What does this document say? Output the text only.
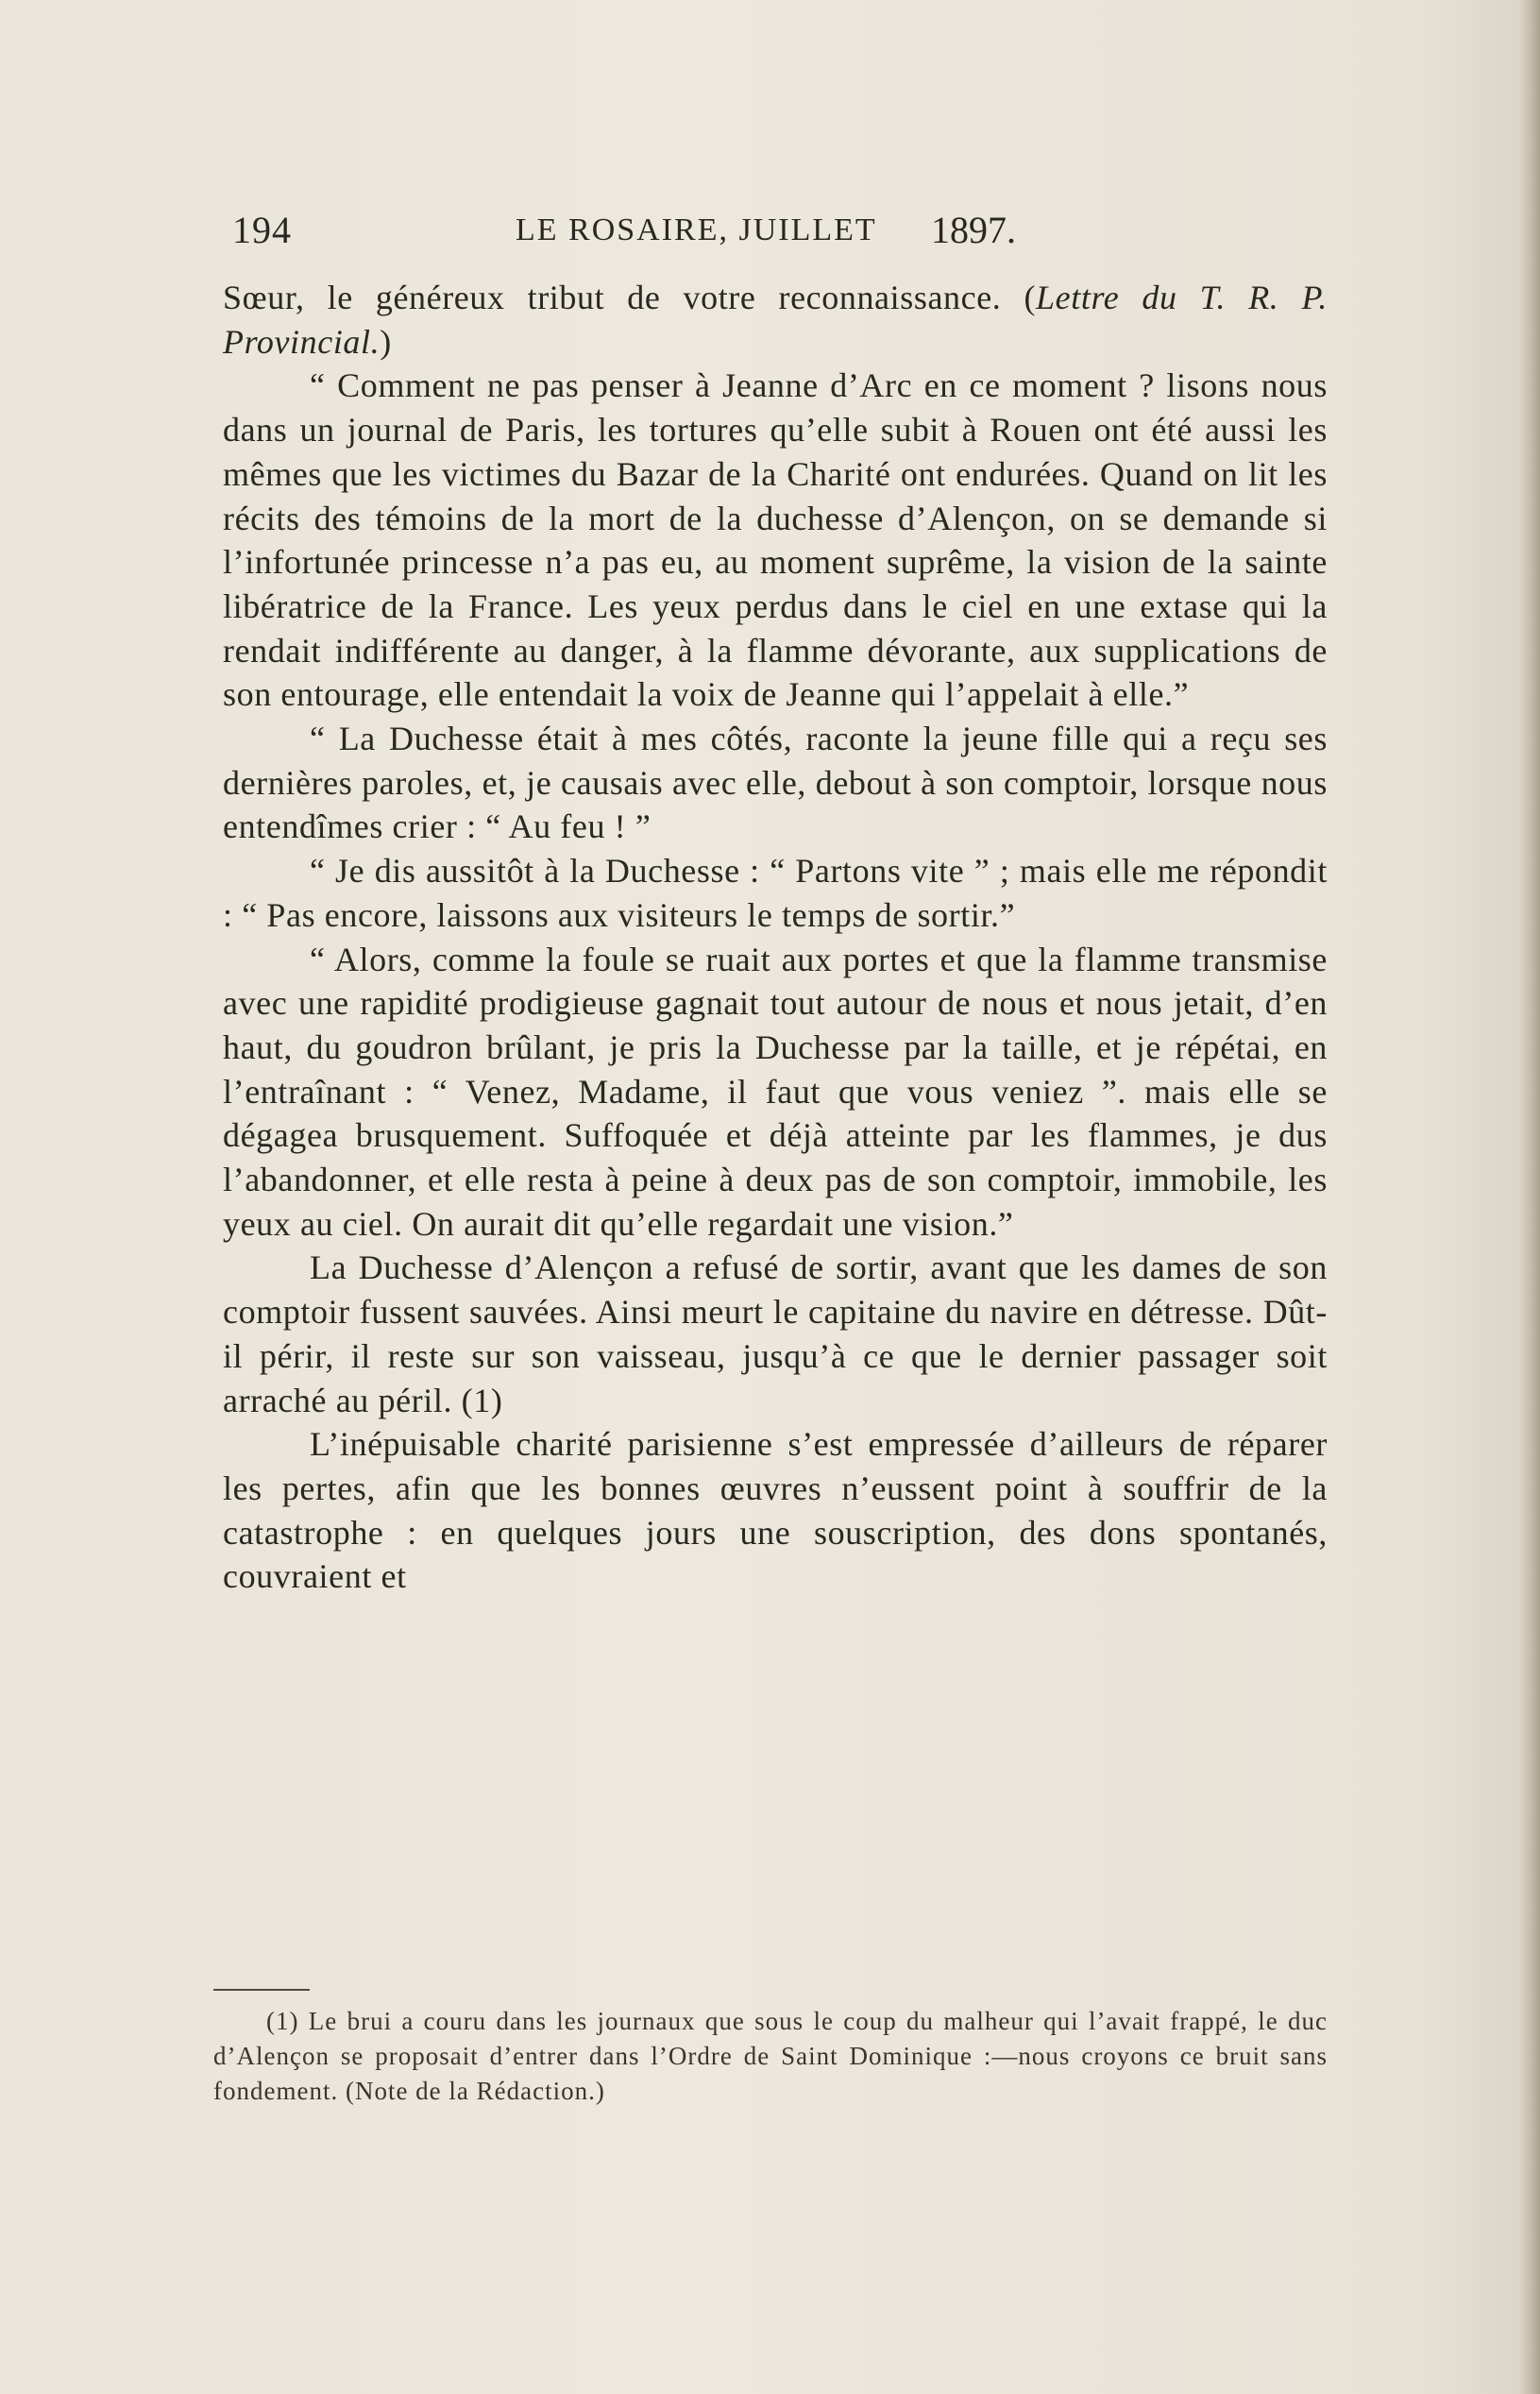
194	LE ROSAIRE, JUILLET 1897.

Sœur, le généreux tribut de votre reconnaissance. (Lettre du T. R. P. Provincial.)

“ Comment ne pas penser à Jeanne d’Arc en ce moment ? lisons nous dans un journal de Paris, les tortures qu’elle subit à Rouen ont été aussi les mêmes que les victimes du Bazar de la Charité ont endurées. Quand on lit les récits des témoins de la mort de la duchesse d’Alençon, on se demande si l’infortunée princesse n’a pas eu, au moment suprême, la vision de la sainte libératrice de la France. Les yeux perdus dans le ciel en une extase qui la rendait indifférente au danger, à la flamme dévorante, aux supplications de son entourage, elle entendait la voix de Jeanne qui l’appelait à elle.”

“ La Duchesse était à mes côtés, raconte la jeune fille qui a reçu ses dernières paroles, et, je causais avec elle, debout à son comptoir, lorsque nous entendîmes crier : “ Au feu ! ”

“ Je dis aussitôt à la Duchesse : “ Partons vite ” ; mais elle me répondit : “ Pas encore, laissons aux visiteurs le temps de sortir.”

“ Alors, comme la foule se ruait aux portes et que la flamme transmise avec une rapidité prodigieuse gagnait tout autour de nous et nous jetait, d’en haut, du goudron brûlant, je pris la Duchesse par la taille, et je répétai, en l’entraînant : “ Venez, Madame, il faut que vous veniez ”. mais elle se dégagea brusquement. Suffoquée et déjà atteinte par les flammes, je dus l’abandonner, et elle resta à peine à deux pas de son comptoir, immobile, les yeux au ciel. On aurait dit qu’elle regardait une vision.”

La Duchesse d’Alençon a refusé de sortir, avant que les dames de son comptoir fussent sauvées. Ainsi meurt le capitaine du navire en détresse. Dût-il périr, il reste sur son vaisseau, jusqu’à ce que le dernier passager soit arraché au péril. (1)

L’inépuisable charité parisienne s’est empressée d’ailleurs de réparer les pertes, afin que les bonnes œuvres n’eussent point à souffrir de la catastrophe : en quelques jours une souscription, des dons spontanés, couvraient et

(1) Le brui a couru dans les journaux que sous le coup du malheur qui l’avait frappé, le duc d’Alençon se proposait d’entrer dans l’Ordre de Saint Dominique :—nous croyons ce bruit sans fondement. (Note de la Rédaction.)
